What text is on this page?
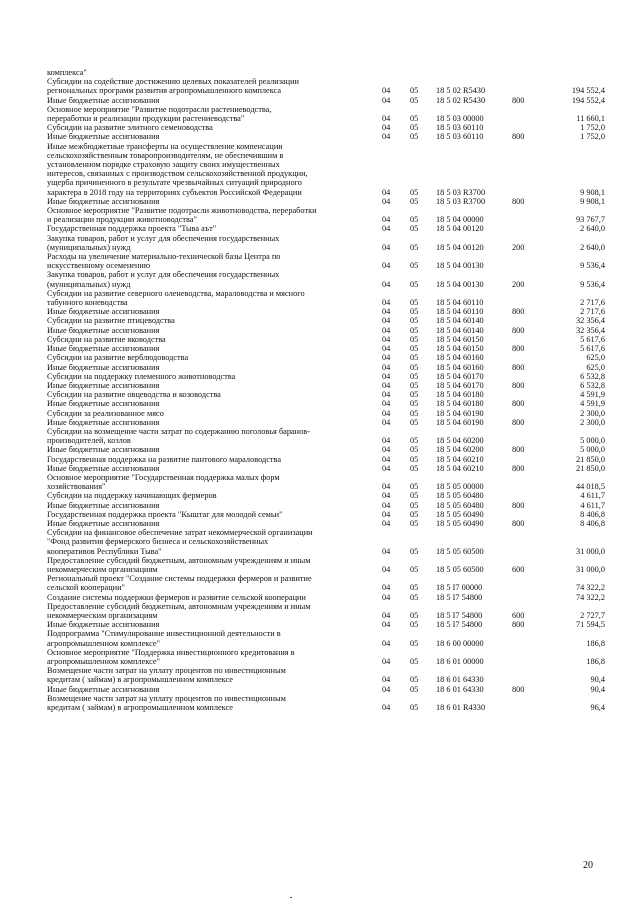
комплекса"
Субсидии на содействие достижению целевых показателей реализации
региональных программ развития агропромышленного комплекса	04 05 18 5 02 R5430	194 552,4
Иные бюджетные ассигнования	04 05 18 5 02 R5430	800	194 552,4
Основное мероприятие "Развитие подотрасли растениеводства,
переработки и реализации продукции растениеводства"	04 05 18 5 03 00000	11 660,1
Субсидии на развитие элитного семеноводства	04 05 18 5 03 60110	1 752,0
Иные бюджетные ассигнования	04 05 18 5 03 60110	800	1 752,0
Иные межбюджетные трансферты на осуществление компенсации
сельскохозяйственным товаропроизводителям, не обеспечившим в
установленном порядке страховую защиту своих имущественных
интересов, связанных с производством сельскохозяйственной продукции,
ущерба причиненного в результате чрезвычайных ситуаций природного
характера в 2018 году на территориях субъектов Российской Федерации	04 05 18 5 03 R3700	9 908,1
Иные бюджетные ассигнования	04 05 18 5 03 R3700	800	9 908,1
Основное мероприятие "Развитие подотрасли животноводства, переработки
и реализации продукции животноводства"	04 05 18 5 04 00000	93 767,7
Государственная поддержка проекта "Тыва аът"	04 05 18 5 04 00120	2 640,0
Закупка товаров, работ и услуг для обеспечения государственных
(муниципальных) нужд	04 05 18 5 04 00120	200	2 640,0
Расходы на увеличение материально-технической базы Центра по
искусственному осеменению	04 05 18 5 04 00130	9 536,4
Закупка товаров, работ и услуг для обеспечения государственных
(муниципальных) нужд	04 05 18 5 04 00130	200	9 536,4
Субсидии на развитие северного оленеводства, мараловодства и мясного
табунного коневодства	04 05 18 5 04 60110	2 717,6
Иные бюджетные ассигнования	04 05 18 5 04 60110	800	2 717,6
Субсидии на развитие птицеводства	04 05 18 5 04 60140	32 356,4
Иные бюджетные ассигнования	04 05 18 5 04 60140	800	32 356,4
Субсидии на развитие яководства	04 05 18 5 04 60150	5 617,6
Иные бюджетные ассигнования	04 05 18 5 04 60150	800	5 617,6
Субсидии на развитие верблюдоводства	04 05 18 5 04 60160	625,0
Иные бюджетные ассигнования	04 05 18 5 04 60160	800	625,0
Субсидии на поддержку племенного животноводства	04 05 18 5 04 60170	6 532,8
Иные бюджетные ассигнования	04 05 18 5 04 60170	800	6 532,8
Субсидии на развитие овцеводства и козоводства	04 05 18 5 04 60180	4 591,9
Иные бюджетные ассигнования	04 05 18 5 04 60180	800	4 591,9
Субсидии за реализованное мясо	04 05 18 5 04 60190	2 300,0
Иные бюджетные ассигнования	04 05 18 5 04 60190	800	2 300,0
Субсидии на возмещение части затрат по содержанию поголовья баранов-
производителей, козлов	04 05 18 5 04 60200	5 000,0
Иные бюджетные ассигнования	04 05 18 5 04 60200	800	5 000,0
Государственная поддержка на развитие пантового мараловодства	04 05 18 5 04 60210	21 850,0
Иные бюджетные ассигнования	04 05 18 5 04 60210	800	21 850,0
Основное мероприятие "Государственная поддержка малых форм
хозяйствования"	04 05 18 5 05 00000	44 018,5
Субсидии на поддержку начинающих фермеров	04 05 18 5 05 60480	4 611,7
Иные бюджетные ассигнования	04 05 18 5 05 60480	800	4 611,7
Государственная поддержка проекта "Кыштаг для молодой семьи"	04 05 18 5 05 60490	8 406,8
Иные бюджетные ассигнования	04 05 18 5 05 60490	800	8 406,8
Субсидии на финансовое обеспечение затрат некоммерческой организации
"Фонд развития фермерского бизнеса и сельскохозяйственных
кооперативов Республики Тыва"	04 05 18 5 05 60500	31 000,0
Предоставление субсидий бюджетным, автономным учреждениям и иным
некоммерческим организациям	04 05 18 5 05 60500	600	31 000,0
Региональный проект "Создание системы поддержки фермеров и развитие
сельской кооперации"	04 05 18 5 I7 00000	74 322,2
Создание системы поддержки фермеров и развитие сельской кооперации	04 05 18 5 I7 54800	74 322,2
Предоставление субсидий бюджетным, автономным учреждениям и иным
некоммерческим организациям	04 05 18 5 I7 54800	600	2 727,7
Иные бюджетные ассигнования	04 05 18 5 I7 54800	800	71 594,5
Подпрограмма "Стимулирование инвестиционной деятельности в
агропромышленном комплексе"	04 05 18 6 00 00000	186,8
Основное мероприятие "Поддержка инвестиционного кредитования в
агропромышленном комплексе"	04 05 18 6 01 00000	186,8
Возмещение части затрат на уплату процентов по инвестиционным
кредитам ( займам) в агропромышленном комплексе	04 05 18 6 01 64330	90,4
Иные бюджетные ассигнования	04 05 18 6 01 64330	800	90,4
Возмещение части затрат на уплату процентов по инвестиционным
кредитам ( займам) в агропромышленном комплексе	04 05 18 6 01 R4330	96,4
20
